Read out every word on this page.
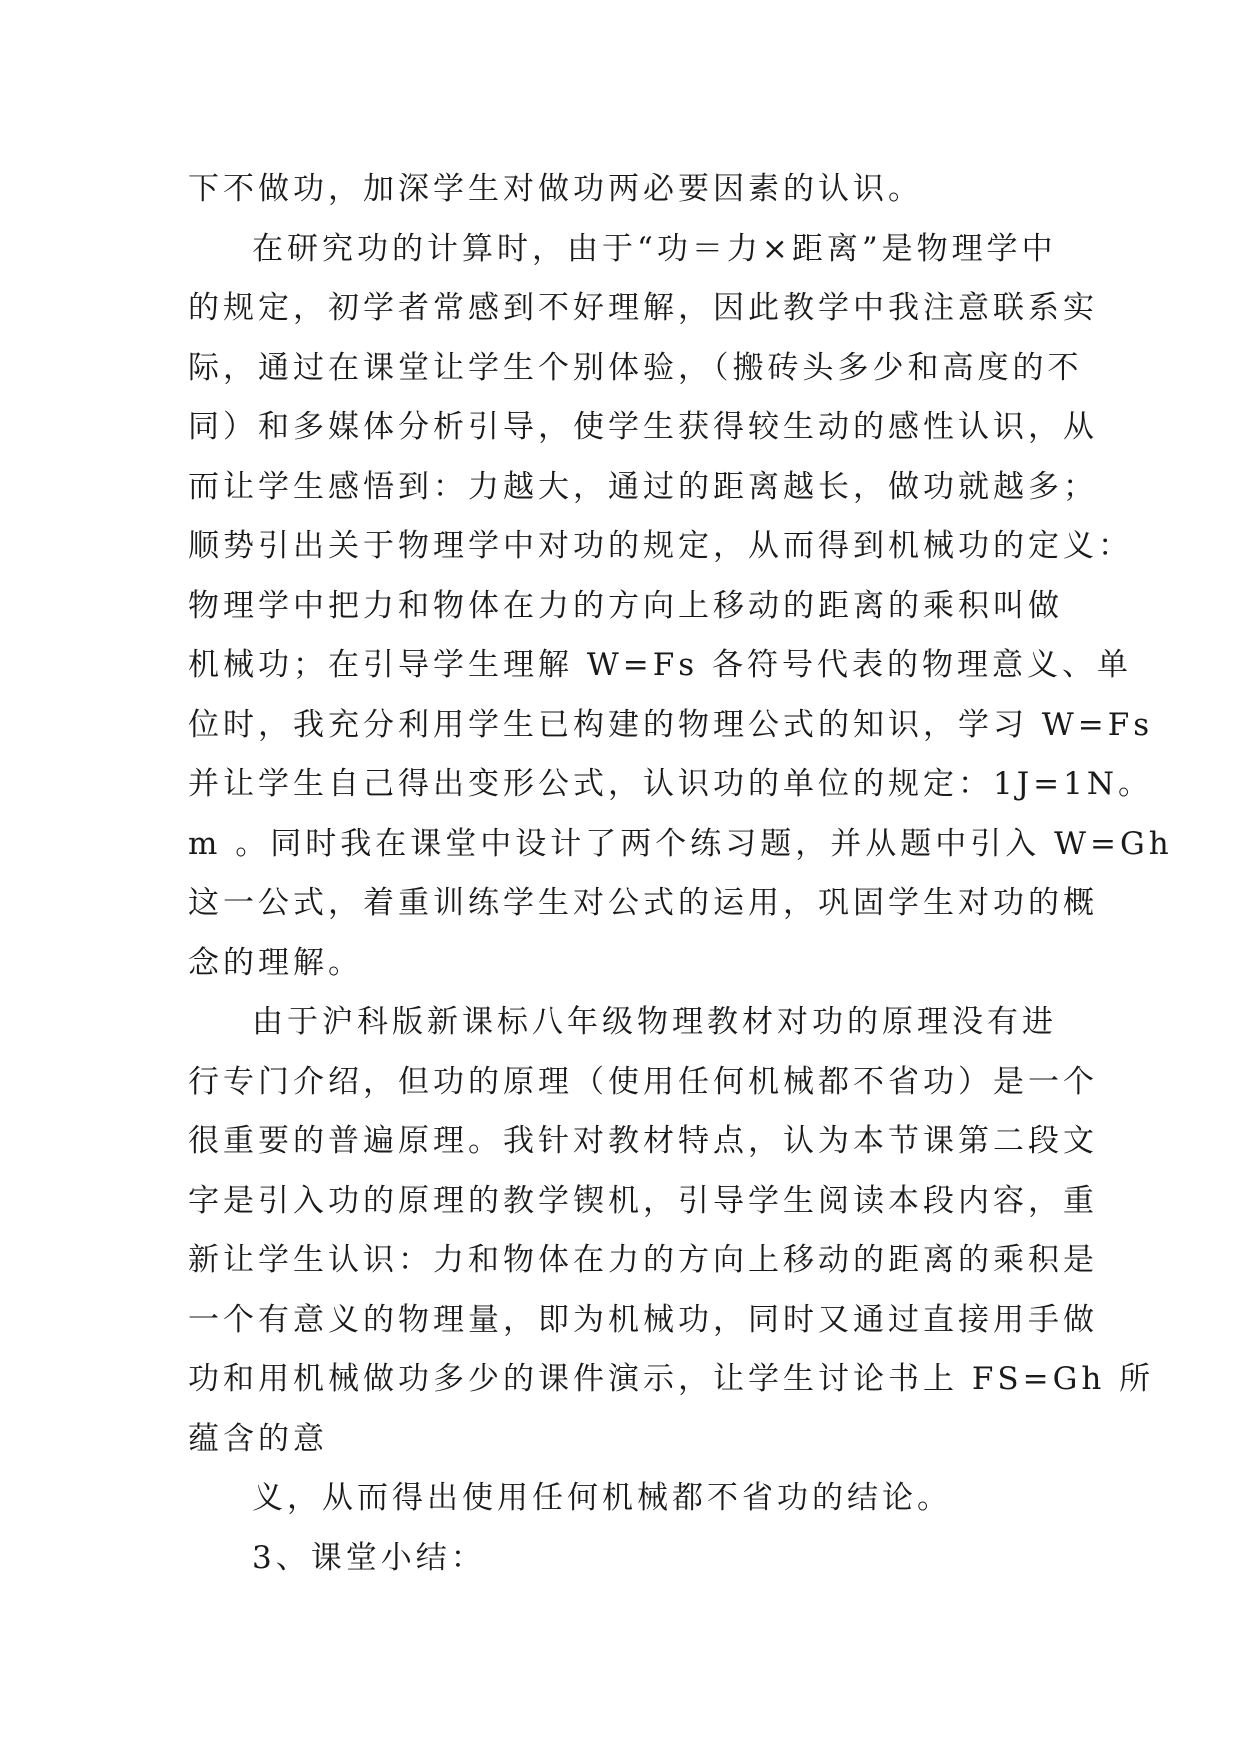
下不做功，加深学生对做功两必要因素的认识。
在研究功的计算时，由于“功＝力×距离”是物理学中
的规定，初学者常感到不好理解，因此教学中我注意联系实
际，通过在课堂让学生个别体验，（搬砖头多少和高度的不
同）和多媒体分析引导，使学生获得较生动的感性认识，从
而让学生感悟到：力越大，通过的距离越长，做功就越多；
顺势引出关于物理学中对功的规定，从而得到机械功的定义：
物理学中把力和物体在力的方向上移动的距离的乘积叫做
机械功；在引导学生理解 W=Fs 各符号代表的物理意义、单
位时，我充分利用学生已构建的物理公式的知识，学习 W=Fs
并让学生自己得出变形公式，认识功的单位的规定：1J=1N。
m 。同时我在课堂中设计了两个练习题，并从题中引入 W=Gh
这一公式，着重训练学生对公式的运用，巩固学生对功的概
念的理解。
由于沪科版新课标八年级物理教材对功的原理没有进
行专门介绍，但功的原理（使用任何机械都不省功）是一个
很重要的普遍原理。我针对教材特点，认为本节课第二段文
字是引入功的原理的教学锲机，引导学生阅读本段内容，重
新让学生认识：力和物体在力的方向上移动的距离的乘积是
一个有意义的物理量，即为机械功，同时又通过直接用手做
功和用机械做功多少的课件演示，让学生讨论书上 FS=Gh 所
蕴含的意
义，从而得出使用任何机械都不省功的结论。
3、课堂小结：
